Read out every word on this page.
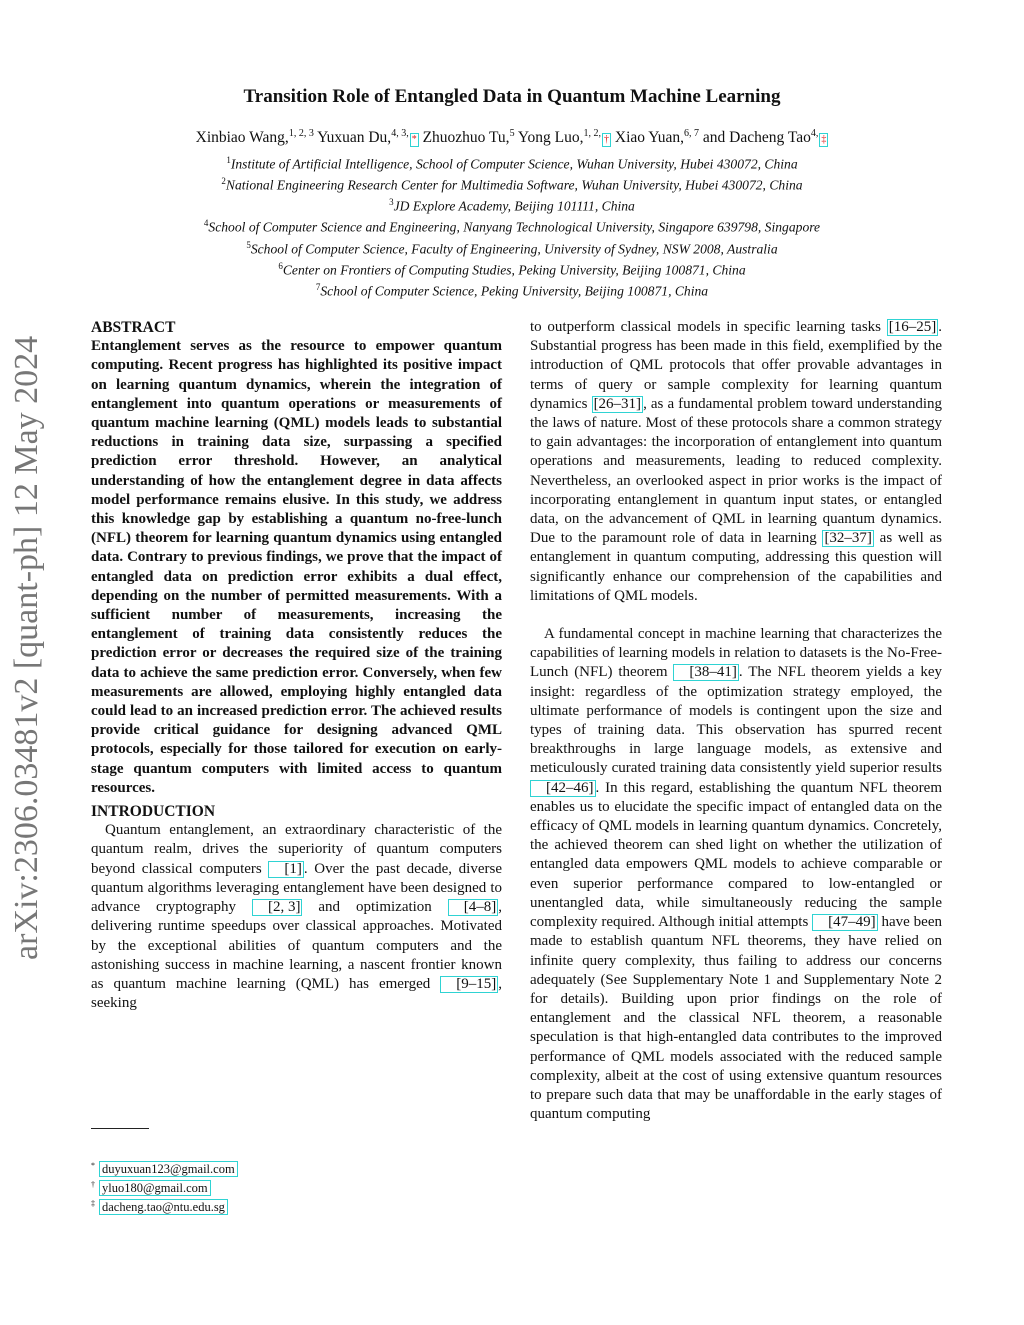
arXiv:2306.03481v2 [quant-ph] 12 May 2024
Transition Role of Entangled Data in Quantum Machine Learning
Xinbiao Wang,$^{1, 2, 3}$ Yuxuan Du,$^{4, 3,}$* Zhuozhuo Tu,$^5$ Yong Luo,$^{1, 2,}$† Xiao Yuan,$^{6, 7}$ and Dacheng Tao$^{4,}$‡
$^1$Institute of Artificial Intelligence, School of Computer Science, Wuhan University, Hubei 430072, China
$^2$National Engineering Research Center for Multimedia Software, Wuhan University, Hubei 430072, China
$^3$JD Explore Academy, Beijing 101111, China
$^4$School of Computer Science and Engineering, Nanyang Technological University, Singapore 639798, Singapore
$^5$School of Computer Science, Faculty of Engineering, University of Sydney, NSW 2008, Australia
$^6$Center on Frontiers of Computing Studies, Peking University, Beijing 100871, China
$^7$School of Computer Science, Peking University, Beijing 100871, China
ABSTRACT
Entanglement serves as the resource to empower quantum computing. Recent progress has highlighted its positive impact on learning quantum dynamics, wherein the integration of entanglement into quantum operations or measurements of quantum machine learning (QML) models leads to substantial reductions in training data size, surpassing a specified prediction error threshold. However, an analytical understanding of how the entanglement degree in data affects model performance remains elusive. In this study, we address this knowledge gap by establishing a quantum no-free-lunch (NFL) theorem for learning quantum dynamics using entangled data. Contrary to previous findings, we prove that the impact of entangled data on prediction error exhibits a dual effect, depending on the number of permitted measurements. With a sufficient number of measurements, increasing the entanglement of training data consistently reduces the prediction error or decreases the required size of the training data to achieve the same prediction error. Conversely, when few measurements are allowed, employing highly entangled data could lead to an increased prediction error. The achieved results provide critical guidance for designing advanced QML protocols, especially for those tailored for execution on early-stage quantum computers with limited access to quantum resources.
INTRODUCTION

Quantum entanglement, an extraordinary characteristic of the quantum realm, drives the superiority of quantum computers beyond classical computers [1] . Over the past decade, diverse quantum algorithms leveraging entanglement have been designed to advance cryptography [2, 3] and optimization [4–8] , delivering runtime speedups over classical approaches. Motivated by the exceptional abilities of quantum computers and the astonishing success in machine learning, a nascent frontier known as quantum machine learning (QML) has emerged [9–15] , seeking

to outperform classical models in specific learning tasks [16–25] . Substantial progress has been made in this field, exemplified by the introduction of QML protocols that offer provable advantages in terms of query or sample complexity for learning quantum dynamics [26–31] , as a fundamental problem toward understanding the laws of nature. Most of these protocols share a common strategy to gain advantages: the incorporation of entanglement into quantum operations and measurements, leading to reduced complexity. Nevertheless, an overlooked aspect in prior works is the impact of incorporating entanglement in quantum input states, or entangled data, on the advancement of QML in learning quantum dynamics. Due to the paramount role of data in learning [32–37] as well as entanglement in quantum computing, addressing this question will significantly enhance our comprehension of the capabilities and limitations of QML models.

A fundamental concept in machine learning that characterizes the capabilities of learning models in relation to datasets is the No-Free-Lunch (NFL) theorem [38–41] . The NFL theorem yields a key insight: regardless of the optimization strategy employed, the ultimate performance of models is contingent upon the size and types of training data. This observation has spurred recent breakthroughs in large language models, as extensive and meticulously curated training data consistently yield superior results [42–46] . In this regard, establishing the quantum NFL theorem enables us to elucidate the specific impact of entangled data on the efficacy of QML models in learning quantum dynamics. Concretely, the achieved theorem can shed light on whether the utilization of entangled data empowers QML models to achieve comparable or even superior performance compared to low-entangled or unentangled data, while simultaneously reducing the sample complexity required. Although initial attempts [47–49] have been made to establish quantum NFL theorems, they have relied on infinite query complexity, thus failing to address our concerns adequately (See Supplementary Note 1 and Supplementary Note 2 for details). Building upon prior findings on the role of entanglement and the classical NFL theorem, a reasonable speculation is that high-entangled data contributes to the improved performance of QML models associated with the reduced sample complexity, albeit at the cost of using extensive quantum resources to prepare such data that may be unaffordable in the early stages of quantum computing

* duyuxuan123@gmail.com
† yluo180@gmail.com
‡ dacheng.tao@ntu.edu.sg
